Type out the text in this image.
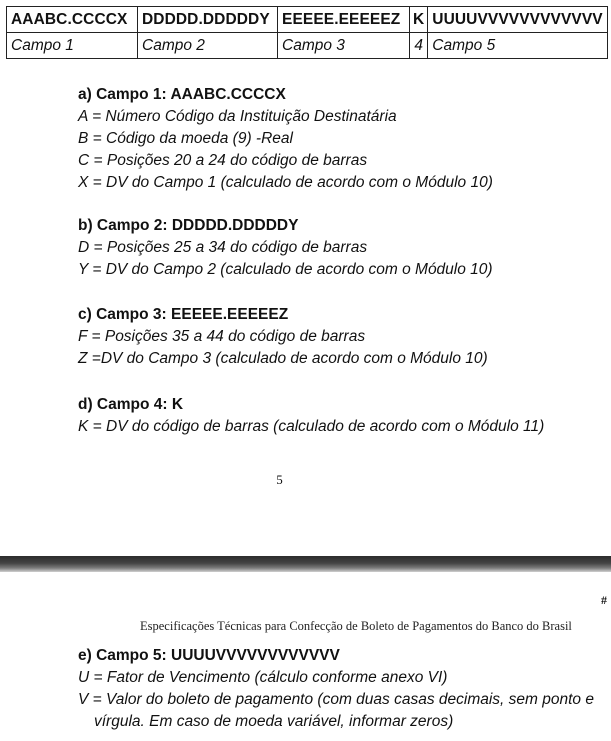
AAABC.CCCCX	DDDDD.DDDDDY	EEEEE.EEEEEZ	K	UUUUVVVVVVVVVVVV
Campo 1	Campo 2	Campo 3	4	Campo 5
a) Campo 1: AAABC.CCCCX
A = Número Código da Instituição Destinatária
B = Código da moeda (9) -Real
C = Posições 20 a 24 do código de barras
X = DV do Campo 1 (calculado de acordo com o Módulo 10)
b) Campo 2: DDDDD.DDDDDY
D = Posições 25 a 34 do código de barras
Y = DV do Campo 2 (calculado de acordo com o Módulo 10)
c) Campo 3: EEEEE.EEEEEZ
F = Posições 35 a 44 do código de barras
Z =DV do Campo 3 (calculado de acordo com o Módulo 10)
d) Campo 4: K
K = DV do código de barras (calculado de acordo com o Módulo 11)
5
#
Especificações Técnicas para Confecção de Boleto de Pagamentos do Banco do Brasil
e) Campo 5: UUUUVVVVVVVVVVVV
U = Fator de Vencimento (cálculo conforme anexo VI)
V = Valor do boleto de pagamento (com duas casas decimais, sem ponto e
vírgula. Em caso de moeda variável, informar zeros)
